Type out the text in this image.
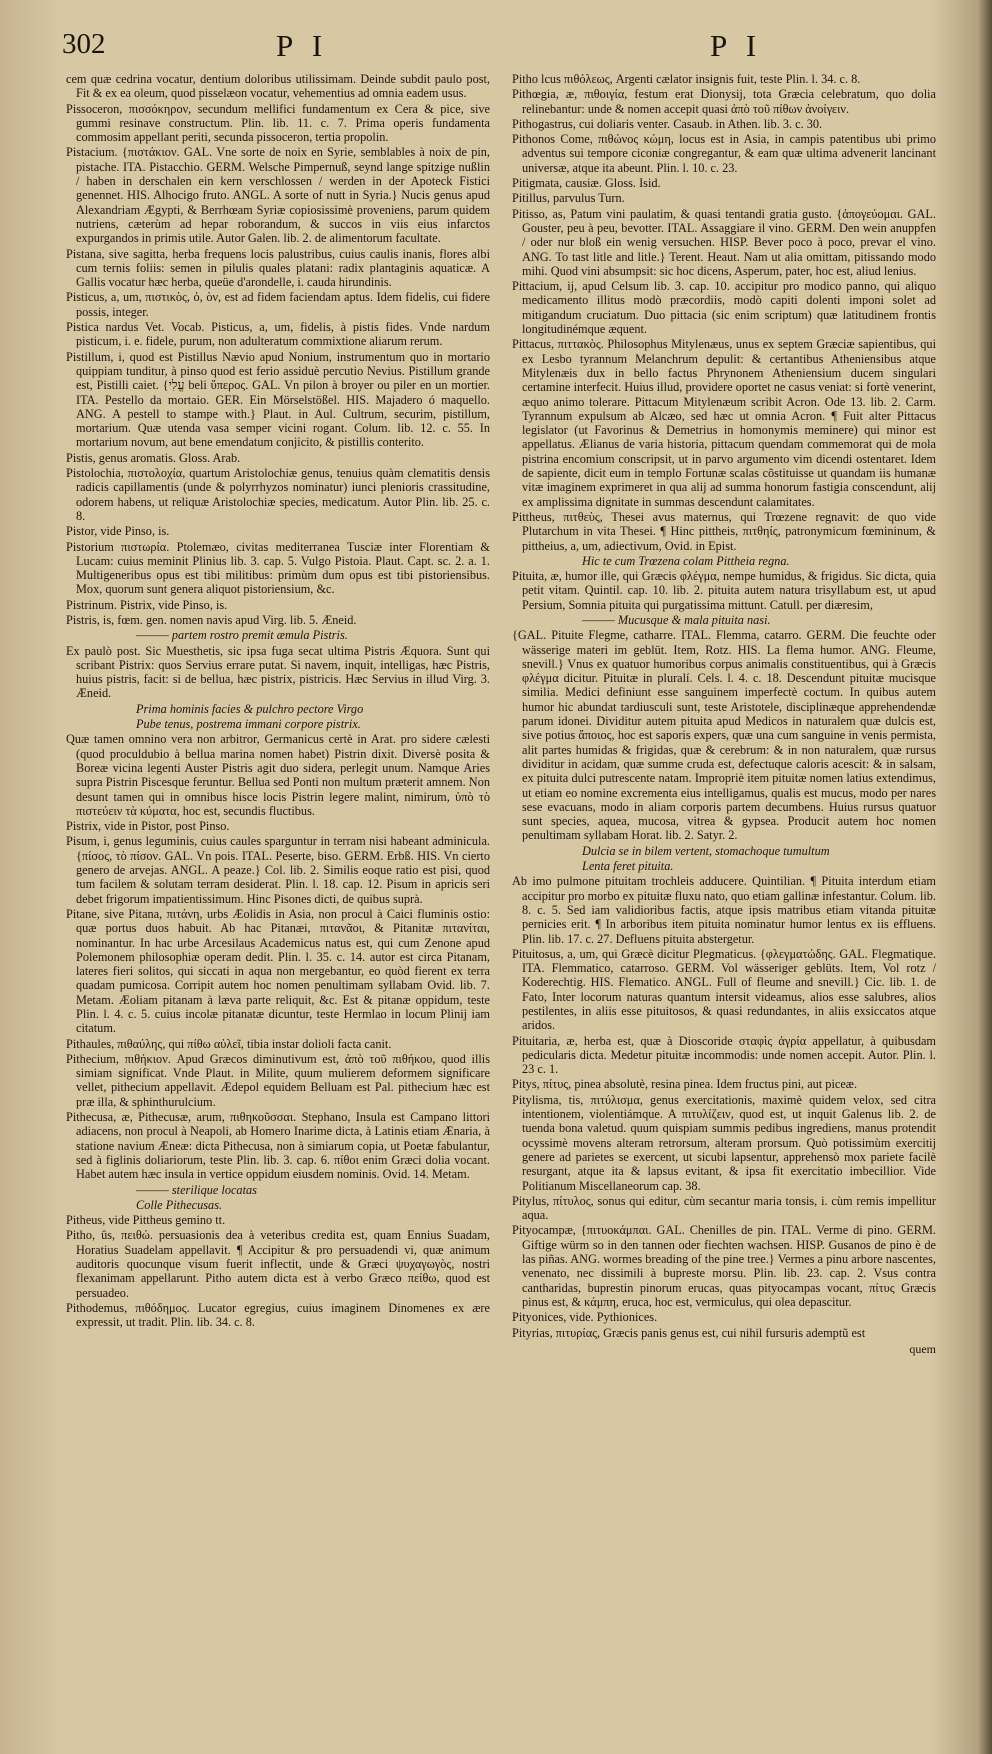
302	P I	P I
cem quæ cedrina vocatur, dentium doloribus utilissimam. Deinde subdit paulo post, Fit & ex ea oleum, quod pisselæon vocatur, vehementius ad omnia eadem usus.
Pissoceron, πισσόκηρον, secundum mellifici fundamentum ex Cera & pice, sive gummi resinave constructum. Plin. lib. 11. c. 7. Prima operis fundamenta commosim appellant periti, secunda pissoceron, tertia propolin.
Pistacium. {πιστάκιον. GAL. Vne sorte de noix en Syrie, semblables à noix de pin, pistache. ITA. Pistacchio. GERM. Welsche Pimpernuß, seynd lange spitzige nußlin / haben in derschalen ein kern verschlossen / werden in der Apoteck Fistici genennet. HIS. Alhocigo fruto. ANGL. A sorte of nutt in Syria.} Nucis genus apud Alexandriam Ægypti, & Berrhœam Syriæ copiosissimè proveniens, parum quidem nutriens, cæterùm ad hepar roborandum, & succos in viis eius infarctos expurgandos in primis utile. Autor Galen. lib. 2. de alimentorum facultate.
Pistana, sive sagitta, herba frequens locis palustribus, cuius caulis inanis, flores albi cum ternis foliis: semen in pilulis quales platani: radix plantaginis aquaticæ. A Gallis vocatur hæc herba, queüe d'arondelle, i. cauda hirundinis.
Pisticus, a, um, πιστικὸς, ὁ, ὸν, est ad fidem faciendam aptus. Idem fidelis, cui fidere possis, integer.
Pistica nardus Vet. Vocab. Pisticus, a, um, fidelis, à pistis fides. Vnde nardum pisticum, i. e. fidele, purum, non adulteratum commixtione aliarum rerum.
Pistillum, i, quod est Pistillus Nævio apud Nonium, instrumentum quo in mortario quippiam tunditur, à pinso quod est ferio assiduè percutio Nevius. Pistillum grande est, Pistilli caiet. {עֱלִי beli ὕπερος. GAL. Vn pilon à broyer ou piler en un mortier. ITA. Pestello da mortaio. GER. Ein Mörselstößel. HIS. Majadero ó maquello. ANG. A pestell to stampe with.} Plaut. in Aul. Cultrum, securim, pistillum, mortarium. Quæ utenda vasa semper vicini rogant. Colum. lib. 12. c. 55. In mortarium novum, aut bene emendatum conjicito, & pistillis conterito.
Pistis, genus aromatis. Gloss. Arab.
Pistolochia, πιστολοχία, quartum Aristolochiæ genus, tenuius quàm clematitis densis radicis capillamentis (unde & polyrrhyzos nominatur) iunci plenioris crassitudine, odorem habens, ut reliquæ Aristolochiæ species, medicatum. Autor Plin. lib. 25. c. 8.
Pistor, vide Pinso, is.
Pistorium πιστωρία. Ptolemæo, civitas mediterranea Tusciæ inter Florentiam & Lucam: cuius meminit Plinius lib. 3. cap. 5. Vulgo Pistoia. Plaut. Capt. sc. 2. a. 1. Multigeneribus opus est tibi militibus: primùm dum opus est tibi pistoriensibus. Mox, quorum sunt genera aliquot pistoriensium, &c.
Pistrinum. Pistrix, vide Pinso, is.
Pistris, is, fœm. gen. nomen navis apud Virg. lib. 5. Æneid.
——— partem rostro premit æmula Pistris.
Ex paulò post. Sic Muesthetis, sic ipsa fuga secat ultima Pistris Æquora. Sunt qui scribant Pistrix: quos Servius errare putat. Si navem, inquit, intelligas, hæc Pistris, huius pistris, facit: si de bellua, hæc pistrix, pistricis. Hæc Servius in illud Virg. 3. Æneid.
Prima hominis facies & pulchro pectore Virgo
Pube tenus, postrema immani corpore pistrix.
Quæ tamen omnino vera non arbitror, Germanicus certè in Arat. pro sidere cælesti (quod proculdubio à bellua marina nomen habet) Pistrin dixit. Diversè posita & Boreæ vicina legenti Auster Pistris agit duo sidera, perlegit unum. Namque Aries supra Pistrin Piscesque feruntur. Bellua sed Ponti non multum præterit amnem. Non desunt tamen qui in omnibus hisce locis Pistrin legere malint, nimirum, ὑπὸ τὸ πιστεύειν τὰ κύματα, hoc est, secundis fluctibus.
Pistrix, vide in Pistor, post Pinso.
Pisum, i, genus leguminis, cuius caules sparguntur in terram nisi habeant adminicula. {πίσος, τὸ πίσον. GAL. Vn pois. ITAL. Peserte, biso. GERM. Erbß. HIS. Vn cierto genero de arvejas. ANGL. A peaze.} Col. lib. 2. Similis eoque ratio est pisi, quod tum facilem & solutam terram desiderat. Plin. l. 18. cap. 12. Pisum in apricis seri debet frigorum impatientissimum. Hinc Pisones dicti, de quibus suprà.
Pitane, sive Pitana, πιτάνη, urbs Æolidis in Asia, non procul à Caici fluminis ostio: quæ portus duos habuit. Ab hac Pitanæi, πιτανᾶοι, & Pitanitæ πιτανίται, nominantur. In hac urbe Arcesilaus Academicus natus est, qui cum Zenone apud Polemonem philosophiæ operam dedit. Plin. l. 35. c. 14. autor est circa Pitanam, lateres fieri solitos, qui siccati in aqua non mergebantur, eo quòd fierent ex terra quadam pumicosa. Corripit autem hoc nomen penultimam syllabam Ovid. lib. 7. Metam. Æoliam pitanam à læva parte reliquit, &c. Est & pitanæ oppidum, teste Plin. l. 4. c. 5. cuius incolæ pitanatæ dicuntur, teste Hermlao in locum Plinij iam citatum.
Pithaules, πιθαύλης, qui πίθω αὐλεῖ, tibia instar dolioli facta canit.
Pithecium, πιθήκιον. Apud Græcos diminutivum est, ἀπὸ τοῦ πιθήκου, quod illis simiam significat. Vnde Plaut. in Milite, quum mulierem deformem significare vellet, pithecium appellavit. Ædepol equidem Belluam est Pal. pithecium hæc est præ illa, & sphinthurulcium.
Pithecusa, æ, Pithecusæ, arum, πιθηκοῦσσαι. Stephano, Insula est Campano littori adiacens, non procul à Neapoli, ab Homero Inarime dicta, à Latinis etiam Ænaria, à statione navium Æneæ: dicta Pithecusa, non à simiarum copia, ut Poetæ fabulantur, sed à figlinis doliariorum, teste Plin. lib. 3. cap. 6. πίθοι enim Græci dolia vocant. Habet autem hæc insula in vertice oppidum eiusdem nominis. Ovid. 14. Metam.
——— sterilique locatas
Colle Pithecusas.
Pitheus, vide Pittheus gemino tt.
Pitho, ûs, πειθώ. persuasionis dea à veteribus credita est, quam Ennius Suadam, Horatius Suadelam appellavit. ¶ Accipitur & pro persuadendi vi, quæ animum auditoris quocunque visum fuerit inflectit, unde & Græci ψυχαγωγὸς, nostri flexanimam appellarunt. Pitho autem dicta est à verbo Græco πείθω, quod est persuadeo.
Pithodemus, πιθόδημος. Lucator egregius, cuius imaginem Dinomenes ex ære expressit, ut tradit. Plin. lib. 34. c. 8.
Pitho lcus πιθόλεως, Argenti cælator insignis fuit, teste Plin. l. 34. c. 8.
Pithœgia, æ, πιθοιγία, festum erat Dionysij, tota Græcia celebratum, quo dolia relinebantur: unde & nomen accepit quasi ἀπὸ τοῦ πίθων ἀνοίγειν.
Pithogastrus, cui doliaris venter. Casaub. in Athen. lib. 3. c. 30.
Pithonos Come, πιθώνος κώμη, locus est in Asia, in campis patentibus ubi primo adventus sui tempore ciconiæ congregantur, & eam quæ ultima advenerit lancinant universæ, atque ita abeunt. Plin. l. 10. c. 23.
Pitigmata, causiæ. Gloss. Isid.
Pitillus, parvulus Turn.
Pitisso, as, Patum vini paulatim, & quasi tentandi gratia gusto. {ἀπογεύομαι. GAL. Gouster, peu à peu, bevotter. ITAL. Assaggiare il vino. GERM. Den wein anuppfen / oder nur bloß ein wenig versuchen. HISP. Bever poco à poco, prevar el vino. ANG. To tast litle and litle.} Terent. Heaut. Nam ut alia omittam, pitissando modo mihi. Quod vini absumpsit: sic hoc dicens, Asperum, pater, hoc est, aliud lenius.
Pittacium, ij, apud Celsum lib. 3. cap. 10. accipitur pro modico panno, qui aliquo medicamento illitus modò præcordiis, modò capiti dolenti imponi solet ad mitigandum cruciatum. Duo pittacia (sic enim scriptum) quæ latitudinem frontis longitudinémque æquent.
Pittacus, πιττακὸς. Philosophus Mitylenæus, unus ex septem Græciæ sapientibus, qui ex Lesbo tyrannum Melanchrum depulit: & certantibus Atheniensibus atque Mitylenæis dux in bello factus Phrynonem Atheniensium ducem singulari certamine interfecit. Huius illud, providere oportet ne casus veniat: si fortè venerint, æquo animo tolerare. Pittacum Mitylenæum scribit Acron. Ode 13. lib. 2. Carm. Tyrannum expulsum ab Alcæo, sed hæc ut omnia Acron. ¶ Fuit alter Pittacus legislator (ut Favorinus & Demetrius in homonymis meminere) qui minor est appellatus. Ælianus de varia historia, pittacum quendam commemorat qui de mola pistrina encomium conscripsit, ut in parvo argumento vim dicendi ostentaret. Idem de sapiente, dicit eum in templo Fortunæ scalas cõstituisse ut quandam iis humanæ vitæ imaginem exprimeret in qua alij ad summa honorum fastigia conscendunt, alij ex amplissima dignitate in summas descendunt calamitates.
Pittheus, πιτθεὺς, Thesei avus maternus, qui Trœzene regnavit: de quo vide Plutarchum in vita Thesei. ¶ Hinc pittheis, πιτθηίς, patronymicum fœmininum, & pittheius, a, um, adiectivum, Ovid. in Epist.
Hic te cum Trœzena colam Pittheia regna.
Pituita, æ, humor ille, qui Græcis φλέγμα, nempe humidus, & frigidus. Sic dicta, quia petit vitam. Quintil. cap. 10. lib. 2. pituita autem natura trisyllabum est, ut apud Persium, Somnia pituita qui purgatissima mittunt. Catull. per diæresim,
——— Mucusque & mala pituita nasi.
{GAL. Pituite Flegme, catharre. ITAL. Flemma, catarro. GERM. Die feuchte oder wässerige materi im geblüt. Item, Rotz. HIS. La flema humor. ANG. Fleume, snevill.} Vnus ex quatuor humoribus corpus animalis constituentibus, qui à Græcis φλέγμα dicitur. Pituitæ in pluralí. Cels. l. 4. c. 18. Descendunt pituitæ mucisque similia. Medici definiunt esse sanguinem imperfectè coctum. In quibus autem humor hic abundat tardiusculi sunt, teste Aristotele, disciplinæque apprehendendæ parum idonei. Dividitur autem pituita apud Medicos in naturalem quæ dulcis est, sive potius ἄποιος, hoc est saporis expers, quæ una cum sanguine in venis permista, alit partes humidas & frigidas, quæ & cerebrum: & in non naturalem, quæ rursus dividitur in acidam, quæ summe cruda est, defectuque caloris acescit: & in salsam, ex pituita dulci putrescente natam. Impropriè item pituitæ nomen latius extendimus, ut etiam eo nomine excrementa eius intelligamus, qualis est mucus, modo per nares sese evacuans, modo in aliam corporis partem decumbens. Huius rursus quatuor sunt species, aquea, mucosa, vitrea & gypsea. Producit autem hoc nomen penultimam syllabam Horat. lib. 2. Satyr. 2.
Dulcia se in bilem vertent, stomachoque tumultum
Lenta feret pituita.
Ab imo pulmone pituitam trochleis adducere. Quintilian. ¶ Pituita interdum etiam accipitur pro morbo ex pituitæ fluxu nato, quo etiam gallinæ infestantur. Colum. lib. 8. c. 5. Sed iam validioribus factis, atque ipsis matribus etiam vitanda pituitæ pernicies erit. ¶ In arboribus item pituita nominatur humor lentus ex iis effluens. Plin. lib. 17. c. 27. Defluens pituita abstergetur.
Pituitosus, a, um, qui Græcè dicitur Plegmaticus. {φλεγματώδης. GAL. Flegmatique. ITA. Flemmatico, catarroso. GERM. Vol wässeriger geblüts. Item, Vol rotz / Koderechtig. HIS. Flematico. ANGL. Full of fleume and snevill.} Cic. lib. 1. de Fato, Inter locorum naturas quantum intersit videamus, alios esse salubres, alios pestilentes, in aliis esse pituitosos, & quasi redundantes, in aliis exsiccatos atque aridos.
Pituitaria, æ, herba est, quæ à Dioscoride σταφὶς ἀγρία appellatur, à quibusdam pedicularis dicta. Medetur pituitæ incommodis: unde nomen accepit. Autor. Plin. l. 23 c. 1.
Pitys, πίτυς, pinea absolutè, resina pinea. Idem fructus pini, aut piceæ.
Pitylisma, tis, πιτύλισμα, genus exercitationis, maximè quidem velox, sed citra intentionem, violentiámque. A πιτυλίζειν, quod est, ut inquit Galenus lib. 2. de tuenda bona valetud. quum quispiam summis pedibus ingrediens, manus protendit ocyssimè movens alteram retrorsum, alteram prorsum. Quò potissimùm exercitij genere ad parietes se exercent, ut sicubi lapsentur, apprehensò mox pariete facilè resurgant, atque ita & lapsus evitant, & ipsa fit exercitatio imbecillior. Vide Politianum Miscellaneorum cap. 38.
Pitylus, πίτυλος, sonus qui editur, cùm secantur maria tonsis, i. cùm remis impellitur aqua.
Pityocampæ, {πιτυοκάμπαι. GAL. Chenilles de pin. ITAL. Verme di pino. GERM. Giftige würm so in den tannen oder fiechten wachsen. HISP. Gusanos de pino è de las piñas. ANG. wormes breading of the pine tree.} Vermes a pinu arbore nascentes, venenato, nec dissimili à bupreste morsu. Plin. lib. 23. cap. 2. Vsus contra cantharidas, buprestin pinorum erucas, quas pityocampas vocant, πίτυς Græcis pinus est, & κάμπη, eruca, hoc est, vermiculus, qui olea depascitur.
Pityonices, vide. Pythionices.
Pityrias, πιτυρίας, Græcis panis genus est, cui nihil fursuris ademptũ est
quem
